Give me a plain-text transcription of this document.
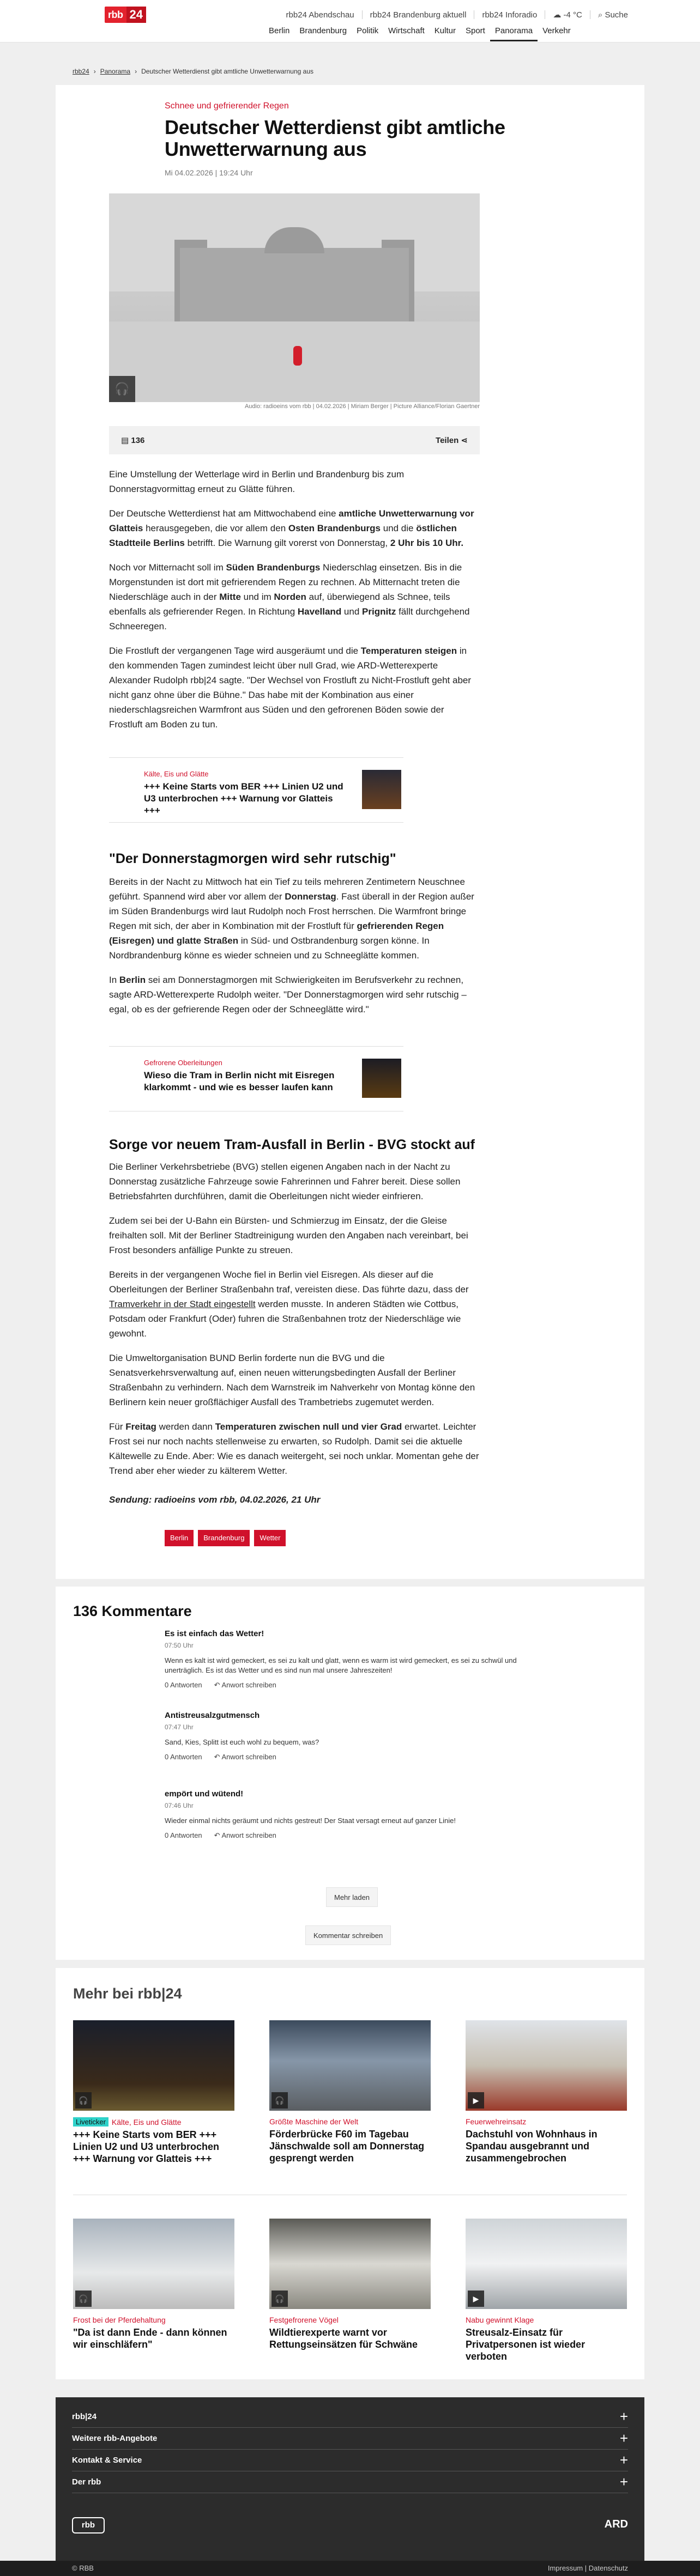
rbb 24	rbb24 Abendschau rbb24 Brandenburg aktuell rbb24 Inforadio ☁ -4 °C ⌕ Suche
Berlin	Brandenburg	Politik	Wirtschaft	Kultur	Sport	Panorama	Verkehr
rbb24 › Panorama › Deutscher Wetterdienst gibt amtliche Unwetterwarnung aus
Schnee und gefrierender Regen
Deutscher Wetterdienst gibt amtliche Unwetterwarnung aus
Mi 04.02.2026 | 19:24 Uhr
🎧
Audio: radioeins vom rbb | 04.02.2026 | Miriam Berger | Picture Alliance/Florian Gaertner
▤ 136	Teilen ⋖

Eine Umstellung der Wetterlage wird in Berlin und Brandenburg bis zum Donnerstagvormittag erneut zu Glätte führen.

Der Deutsche Wetterdienst hat am Mittwochabend eine amtliche Unwetterwarnung vor Glatteis herausgegeben, die vor allem den Osten Brandenburgs und die östlichen Stadtteile Berlins betrifft. Die Warnung gilt vorerst von Donnerstag, 2 Uhr bis 10 Uhr.

Noch vor Mitternacht soll im Süden Brandenburgs Niederschlag einsetzen. Bis in die Morgenstunden ist dort mit gefrierendem Regen zu rechnen. Ab Mitternacht treten die Niederschläge auch in der Mitte und im Norden auf, überwiegend als Schnee, teils ebenfalls als gefrierender Regen. In Richtung Havelland und Prignitz fällt durchgehend Schneeregen.

Die Frostluft der vergangenen Tage wird ausgeräumt und die Temperaturen steigen in den kommenden Tagen zumindest leicht über null Grad, wie ARD-Wetterexperte Alexander Rudolph rbb|24 sagte. "Der Wechsel von Frostluft zu Nicht-Frostluft geht aber nicht ganz ohne über die Bühne." Das habe mit der Kombination aus einer niederschlagsreichen Warmfront aus Süden und den gefrorenen Böden sowie der Frostluft am Boden zu tun.

Kälte, Eis und Glätte
+++ Keine Starts vom BER +++ Linien U2 und U3 unterbrochen +++ Warnung vor Glatteis +++
"Der Donnerstagmorgen wird sehr rutschig"

Bereits in der Nacht zu Mittwoch hat ein Tief zu teils mehreren Zentimetern Neuschnee geführt. Spannend wird aber vor allem der Donnerstag. Fast überall in der Region außer im Süden Brandenburgs wird laut Rudolph noch Frost herrschen. Die Warmfront bringe Regen mit sich, der aber in Kombination mit der Frostluft für gefrierenden Regen (Eisregen) und glatte Straßen in Süd- und Ostbrandenburg sorgen könne. In Nordbrandenburg könne es wieder schneien und zu Schneeglätte kommen.

In Berlin sei am Donnerstagmorgen mit Schwierigkeiten im Berufsverkehr zu rechnen, sagte ARD-Wetterexperte Rudolph weiter. "Der Donnerstagmorgen wird sehr rutschig – egal, ob es der gefrierende Regen oder der Schneeglätte wird."

Gefrorene Oberleitungen
Wieso die Tram in Berlin nicht mit Eisregen klarkommt - und wie es besser laufen kann
Sorge vor neuem Tram-Ausfall in Berlin - BVG stockt auf

Die Berliner Verkehrsbetriebe (BVG) stellen eigenen Angaben nach in der Nacht zu Donnerstag zusätzliche Fahrzeuge sowie Fahrerinnen und Fahrer bereit. Diese sollen Betriebsfahrten durchführen, damit die Oberleitungen nicht wieder einfrieren.

Zudem sei bei der U-Bahn ein Bürsten- und Schmierzug im Einsatz, der die Gleise freihalten soll. Mit der Berliner Stadtreinigung wurden den Angaben nach vereinbart, bei Frost besonders anfällige Punkte zu streuen.

Bereits in der vergangenen Woche fiel in Berlin viel Eisregen. Als dieser auf die Oberleitungen der Berliner Straßenbahn traf, vereisten diese. Das führte dazu, dass der Tramverkehr in der Stadt eingestellt werden musste. In anderen Städten wie Cottbus, Potsdam oder Frankfurt (Oder) fuhren die Straßenbahnen trotz der Niederschläge wie gewohnt.

Die Umweltorganisation BUND Berlin forderte nun die BVG und die Senatsverkehrsverwaltung auf, einen neuen witterungsbedingten Ausfall der Berliner Straßenbahn zu verhindern. Nach dem Warnstreik im Nahverkehr von Montag könne den Berlinern kein neuer großflächiger Ausfall des Trambetriebs zugemutet werden.

Für Freitag werden dann Temperaturen zwischen null und vier Grad erwartet. Leichter Frost sei nur noch nachts stellenweise zu erwarten, so Rudolph. Damit sei die aktuelle Kältewelle zu Ende. Aber: Wie es danach weitergeht, sei noch unklar. Momentan gehe der Trend aber eher wieder zu kälterem Wetter.

Sendung: radioeins vom rbb, 04.02.2026, 21 Uhr

Berlin	Brandenburg	Wetter
136 Kommentare
Es ist einfach das Wetter!
07:50 Uhr
Wenn es kalt ist wird gemeckert, es sei zu kalt und glatt, wenn es warm ist wird gemeckert, es sei zu schwül und unerträglich. Es ist das Wetter und es sind nun mal unsere Jahreszeiten!
0 Antworten ↶ Anwort schreiben
Antistreusalzgutmensch
07:47 Uhr
Sand, Kies, Splitt ist euch wohl zu bequem, was?
0 Antworten ↶ Anwort schreiben
empört und wütend!
07:46 Uhr
Wieder einmal nichts geräumt und nichts gestreut! Der Staat versagt erneut auf ganzer Linie!
0 Antworten ↶ Anwort schreiben
Mehr laden
Kommentar schreiben
Mehr bei rbb|24
🎧
Liveticker Kälte, Eis und Glätte
+++ Keine Starts vom BER +++ Linien U2 und U3 unterbrochen +++ Warnung vor Glatteis +++
🎧
Größte Maschine der Welt
Förderbrücke F60 im Tagebau Jänschwalde soll am Donnerstag gesprengt werden
▶
Feuerwehreinsatz
Dachstuhl von Wohnhaus in Spandau ausgebrannt und zusammengebrochen
🎧
Frost bei der Pferdehaltung
"Da ist dann Ende - dann können wir einschläfern"
🎧
Festgefrorene Vögel
Wildtierexperte warnt vor Rettungseinsätzen für Schwäne
▶
Nabu gewinnt Klage
Streusalz-Einsatz für Privatpersonen ist wieder verboten
rbb|24	+
Weitere rbb-Angebote	+
Kontakt & Service	+
Der rbb	+
rbb	ARD
© RBB	Impressum | Datenschutz
